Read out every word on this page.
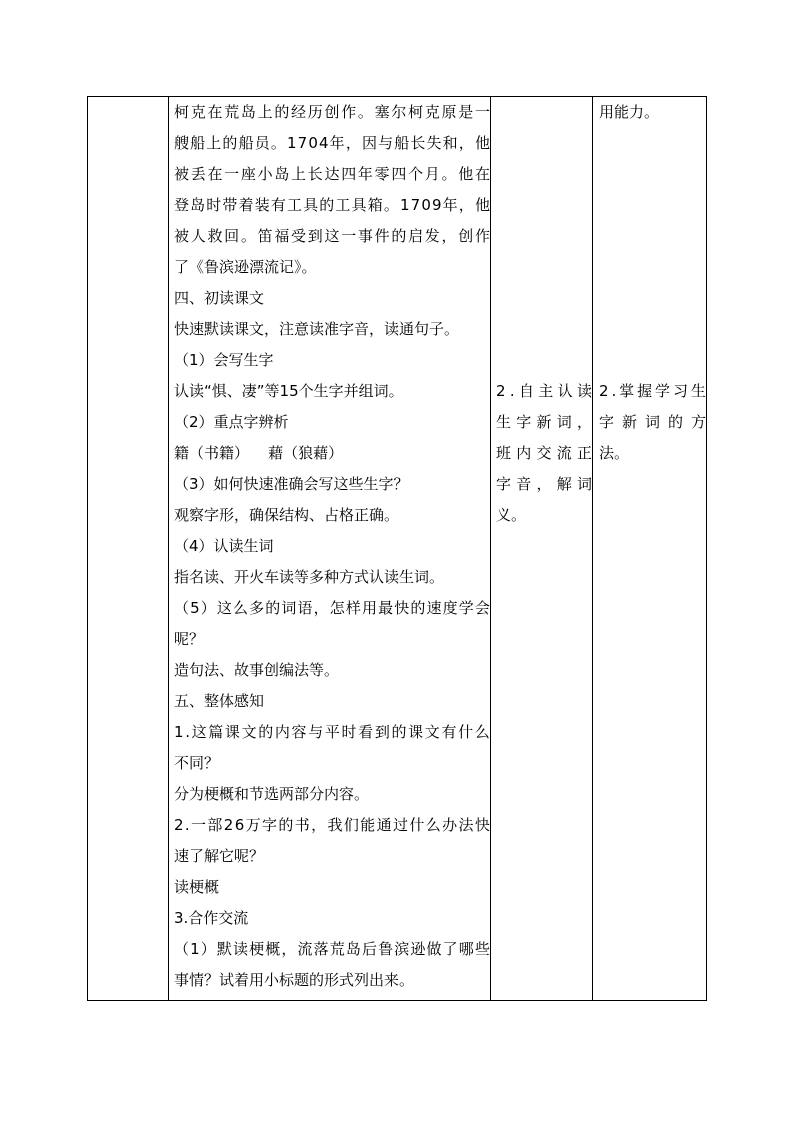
柯 克 在 荒 岛 上 的 经 历 创 作 。 塞 尔 柯 克 原 是 一
艘 船 上 的 船 员 。 1 7 0 4 年 ， 因 与 船 长 失 和 ， 他
被 丢 在 一 座 小 岛 上 长 达 四 年 零 四 个 月 。 他 在
登 岛 时 带 着 装 有 工 具 的 工 具 箱 。 1 7 0 9 年 ， 他
被 人 救 回 。 笛 福 受 到 这 一 事 件 的 启 发 ， 创 作
了《鲁滨逊漂流记》。
四、初读课文
快速默读课文，注意读准字音，读通句子。
（1）会写生字
认读“惧、凄”等15个生字并组词。
（2）重点字辨析
籍（书籍）    藉（狼藉）
（3）如何快速准确会写这些生字？
观察字形，确保结构、占格正确。
（4）认读生词
指名读、开火车读等多种方式认读生词。
（ 5 ） 这 么 多 的 词 语 ， 怎 样 用 最 快 的 速 度 学 会
呢？
造句法、故事创编法等。
五、整体感知
1 . 这 篇 课 文 的 内 容 与 平 时 看 到 的 课 文 有 什 么
不同？
分为梗概和节选两部分内容。
2 . 一 部 2 6 万 字 的 书 ， 我 们 能 通 过 什 么 办 法 快
速了解它呢？
读梗概
3.合作交流
（ 1 ） 默 读 梗 概 ， 流 落 荒 岛 后 鲁 滨 逊 做 了 哪 些
事情？试着用小标题的形式列出来。
2 . 自 主 认 读
生 字 新 词 ，
班 内 交 流 正
字 音 ， 解 词
义。
用能力。
2 . 掌 握 学 习 生
字 新 词 的 方
法。
